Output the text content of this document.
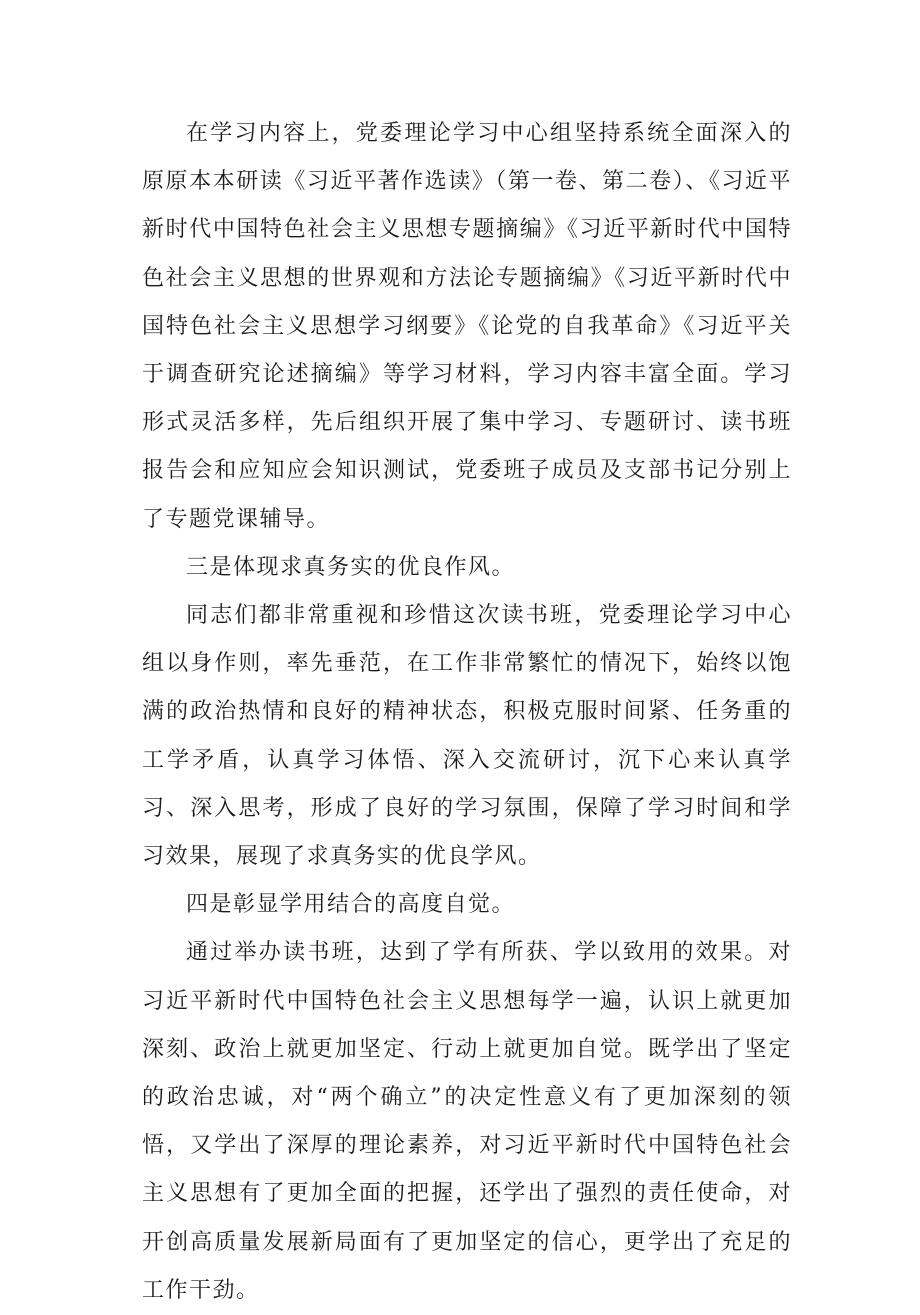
在学习内容上，党委理论学习中心组坚持系统全面深入的原原本本研读《习近平著作选读》（第一卷、第二卷）、《习近平新时代中国特色社会主义思想专题摘编》《习近平新时代中国特色社会主义思想的世界观和方法论专题摘编》《习近平新时代中国特色社会主义思想学习纲要》《论党的自我革命》《习近平关于调查研究论述摘编》等学习材料，学习内容丰富全面。学习形式灵活多样，先后组织开展了集中学习、专题研讨、读书班报告会和应知应会知识测试，党委班子成员及支部书记分别上了专题党课辅导。

三是体现求真务实的优良作风。

同志们都非常重视和珍惜这次读书班，党委理论学习中心组以身作则，率先垂范，在工作非常繁忙的情况下，始终以饱满的政治热情和良好的精神状态，积极克服时间紧、任务重的工学矛盾，认真学习体悟、深入交流研讨，沉下心来认真学习、深入思考，形成了良好的学习氛围，保障了学习时间和学习效果，展现了求真务实的优良学风。

四是彰显学用结合的高度自觉。

通过举办读书班，达到了学有所获、学以致用的效果。对习近平新时代中国特色社会主义思想每学一遍，认识上就更加深刻、政治上就更加坚定、行动上就更加自觉。既学出了坚定的政治忠诚，对“两个确立”的决定性意义有了更加深刻的领悟，又学出了深厚的理论素养，对习近平新时代中国特色社会主义思想有了更加全面的把握，还学出了强烈的责任使命，对开创高质量发展新局面有了更加坚定的信心，更学出了充足的工作干劲。
